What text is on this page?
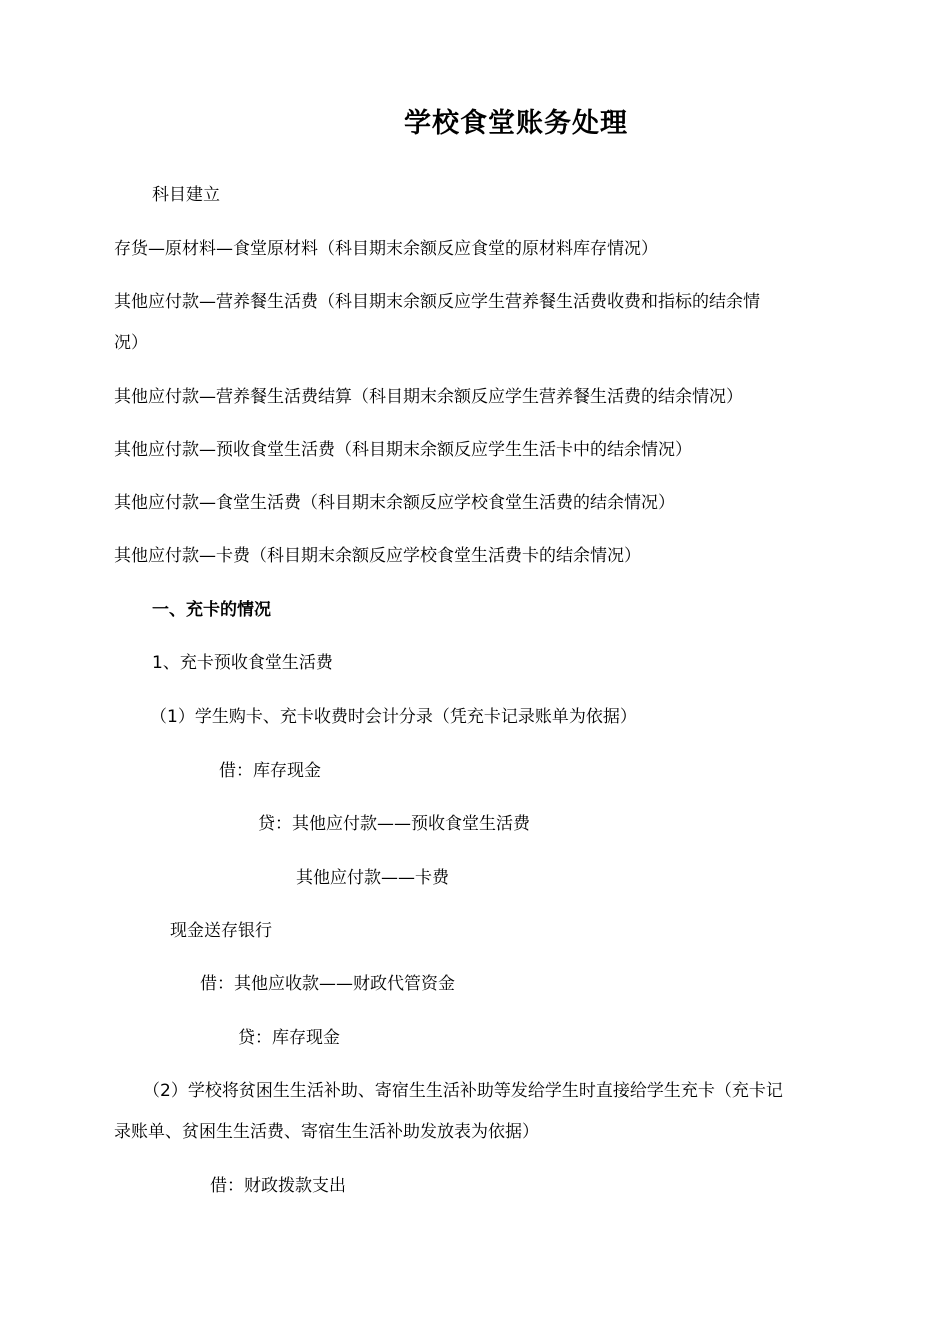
学校食堂账务处理
科目建立
存货—原材料—食堂原材料（科目期末余额反应食堂的原材料库存情况）
其他应付款—营养餐生活费（科目期末余额反应学生营养餐生活费收费和指标的结余情
况）
其他应付款—营养餐生活费结算（科目期末余额反应学生营养餐生活费的结余情况）
其他应付款—预收食堂生活费（科目期末余额反应学生生活卡中的结余情况）
其他应付款—食堂生活费（科目期末余额反应学校食堂生活费的结余情况）
其他应付款—卡费（科目期末余额反应学校食堂生活费卡的结余情况）
一、充卡的情况
1、充卡预收食堂生活费
（1）学生购卡、充卡收费时会计分录（凭充卡记录账单为依据）
借：库存现金
贷：其他应付款——预收食堂生活费
其他应付款——卡费
现金送存银行
借：其他应收款——财政代管资金
贷：库存现金
（2）学校将贫困生生活补助、寄宿生生活补助等发给学生时直接给学生充卡（充卡记
录账单、贫困生生活费、寄宿生生活补助发放表为依据）
借：财政拨款支出
